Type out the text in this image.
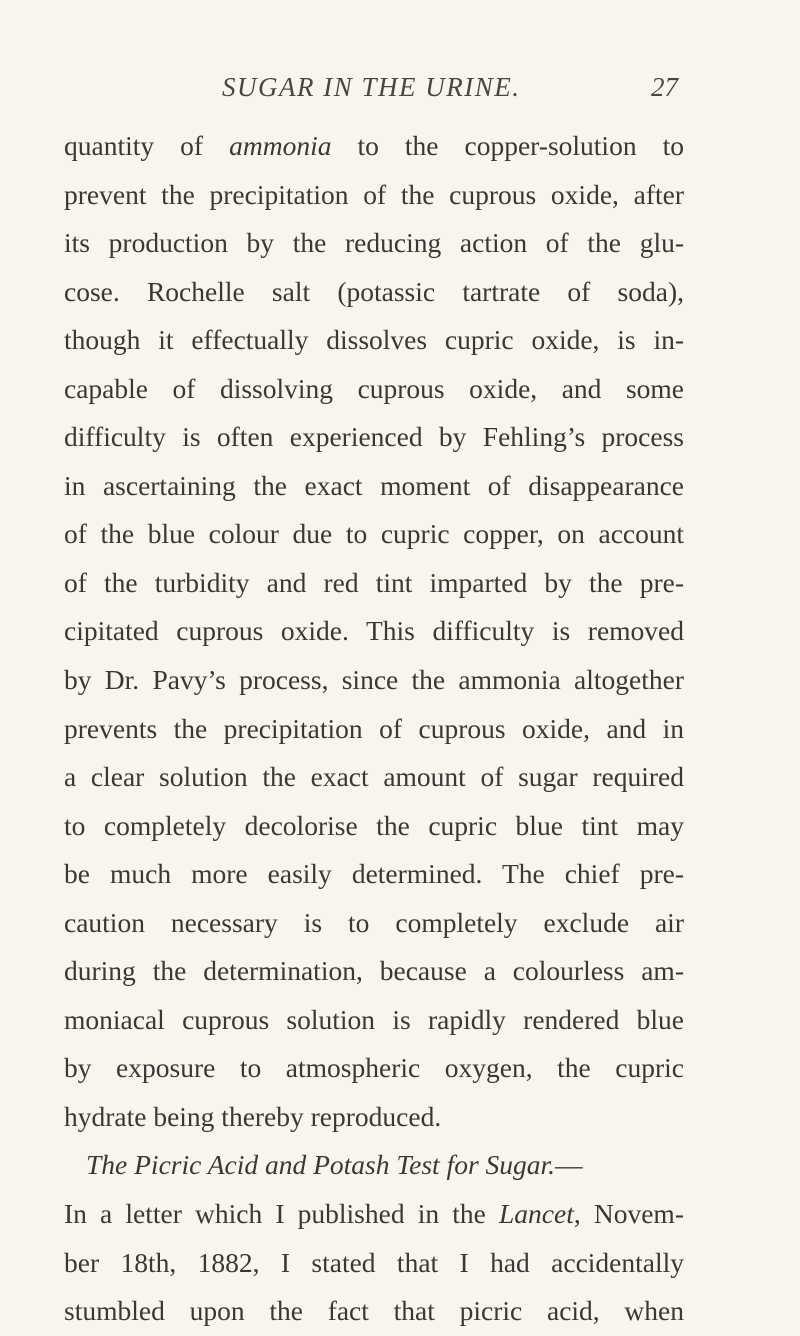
SUGAR IN THE URINE.	27
quantity of ammonia to the copper-solution to
prevent the precipitation of the cuprous oxide, after
its production by the reducing action of the glu-
cose. Rochelle salt (potassic tartrate of soda),
though it effectually dissolves cupric oxide, is in-
capable of dissolving cuprous oxide, and some
difficulty is often experienced by Fehling’s process
in ascertaining the exact moment of disappearance
of the blue colour due to cupric copper, on account
of the turbidity and red tint imparted by the pre-
cipitated cuprous oxide. This difficulty is removed
by Dr. Pavy’s process, since the ammonia altogether
prevents the precipitation of cuprous oxide, and in
a clear solution the exact amount of sugar required
to completely decolorise the cupric blue tint may
be much more easily determined. The chief pre-
caution necessary is to completely exclude air
during the determination, because a colourless am-
moniacal cuprous solution is rapidly rendered blue
by exposure to atmospheric oxygen, the cupric
hydrate being thereby reproduced.
The Picric Acid and Potash Test for Sugar.—
In a letter which I published in the Lancet, Novem-
ber 18th, 1882, I stated that I had accidentally
stumbled upon the fact that picric acid, when
